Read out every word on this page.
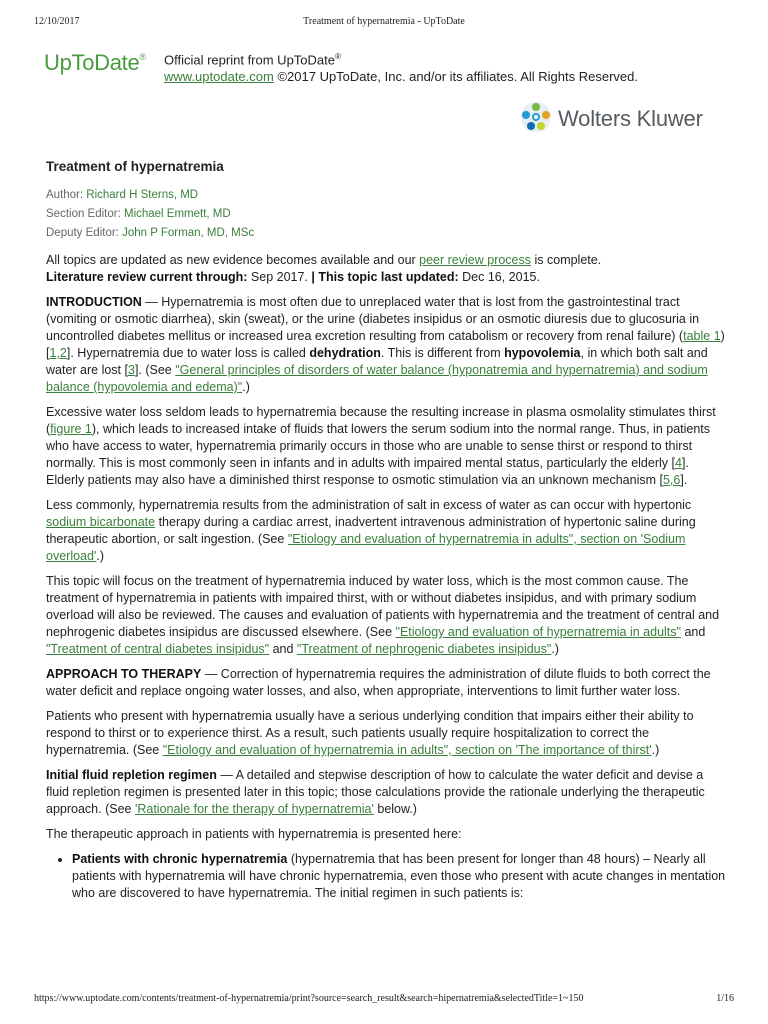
12/10/2017	Treatment of hypernatremia - UpToDate
UpToDate® Official reprint from UpToDate®
www.uptodate.com ©2017 UpToDate, Inc. and/or its affiliates. All Rights Reserved.
Wolters Kluwer
Treatment of hypernatremia
Author: Richard H Sterns, MD
Section Editor: Michael Emmett, MD
Deputy Editor: John P Forman, MD, MSc

All topics are updated as new evidence becomes available and our peer review process is complete.
Literature review current through: Sep 2017. | This topic last updated: Dec 16, 2015.

INTRODUCTION — Hypernatremia is most often due to unreplaced water that is lost from the gastrointestinal tract (vomiting or osmotic diarrhea), skin (sweat), or the urine (diabetes insipidus or an osmotic diuresis due to glucosuria in uncontrolled diabetes mellitus or increased urea excretion resulting from catabolism or recovery from renal failure) (table 1) [1,2]. Hypernatremia due to water loss is called dehydration. This is different from hypovolemia, in which both salt and water are lost [3]. (See "General principles of disorders of water balance (hyponatremia and hypernatremia) and sodium balance (hypovolemia and edema)".)

Excessive water loss seldom leads to hypernatremia because the resulting increase in plasma osmolality stimulates thirst (figure 1), which leads to increased intake of fluids that lowers the serum sodium into the normal range. Thus, in patients who have access to water, hypernatremia primarily occurs in those who are unable to sense thirst or respond to thirst normally. This is most commonly seen in infants and in adults with impaired mental status, particularly the elderly [4]. Elderly patients may also have a diminished thirst response to osmotic stimulation via an unknown mechanism [5,6].

Less commonly, hypernatremia results from the administration of salt in excess of water as can occur with hypertonic sodium bicarbonate therapy during a cardiac arrest, inadvertent intravenous administration of hypertonic saline during therapeutic abortion, or salt ingestion. (See "Etiology and evaluation of hypernatremia in adults", section on 'Sodium overload'.)

This topic will focus on the treatment of hypernatremia induced by water loss, which is the most common cause. The treatment of hypernatremia in patients with impaired thirst, with or without diabetes insipidus, and with primary sodium overload will also be reviewed. The causes and evaluation of patients with hypernatremia and the treatment of central and nephrogenic diabetes insipidus are discussed elsewhere. (See "Etiology and evaluation of hypernatremia in adults" and "Treatment of central diabetes insipidus" and "Treatment of nephrogenic diabetes insipidus".)

APPROACH TO THERAPY — Correction of hypernatremia requires the administration of dilute fluids to both correct the water deficit and replace ongoing water losses, and also, when appropriate, interventions to limit further water loss.

Patients who present with hypernatremia usually have a serious underlying condition that impairs either their ability to respond to thirst or to experience thirst. As a result, such patients usually require hospitalization to correct the hypernatremia. (See "Etiology and evaluation of hypernatremia in adults", section on 'The importance of thirst'.)

Initial fluid repletion regimen — A detailed and stepwise description of how to calculate the water deficit and devise a fluid repletion regimen is presented later in this topic; those calculations provide the rationale underlying the therapeutic approach. (See 'Rationale for the therapy of hypernatremia' below.)

The therapeutic approach in patients with hypernatremia is presented here:

• Patients with chronic hypernatremia (hypernatremia that has been present for longer than 48 hours) – Nearly all patients with hypernatremia will have chronic hypernatremia, even those who present with acute changes in mentation who are discovered to have hypernatremia. The initial regimen in such patients is:
https://www.uptodate.com/contents/treatment-of-hypernatremia/print?source=search_result&search=hipernatremia&selectedTitle=1~150	1/16
